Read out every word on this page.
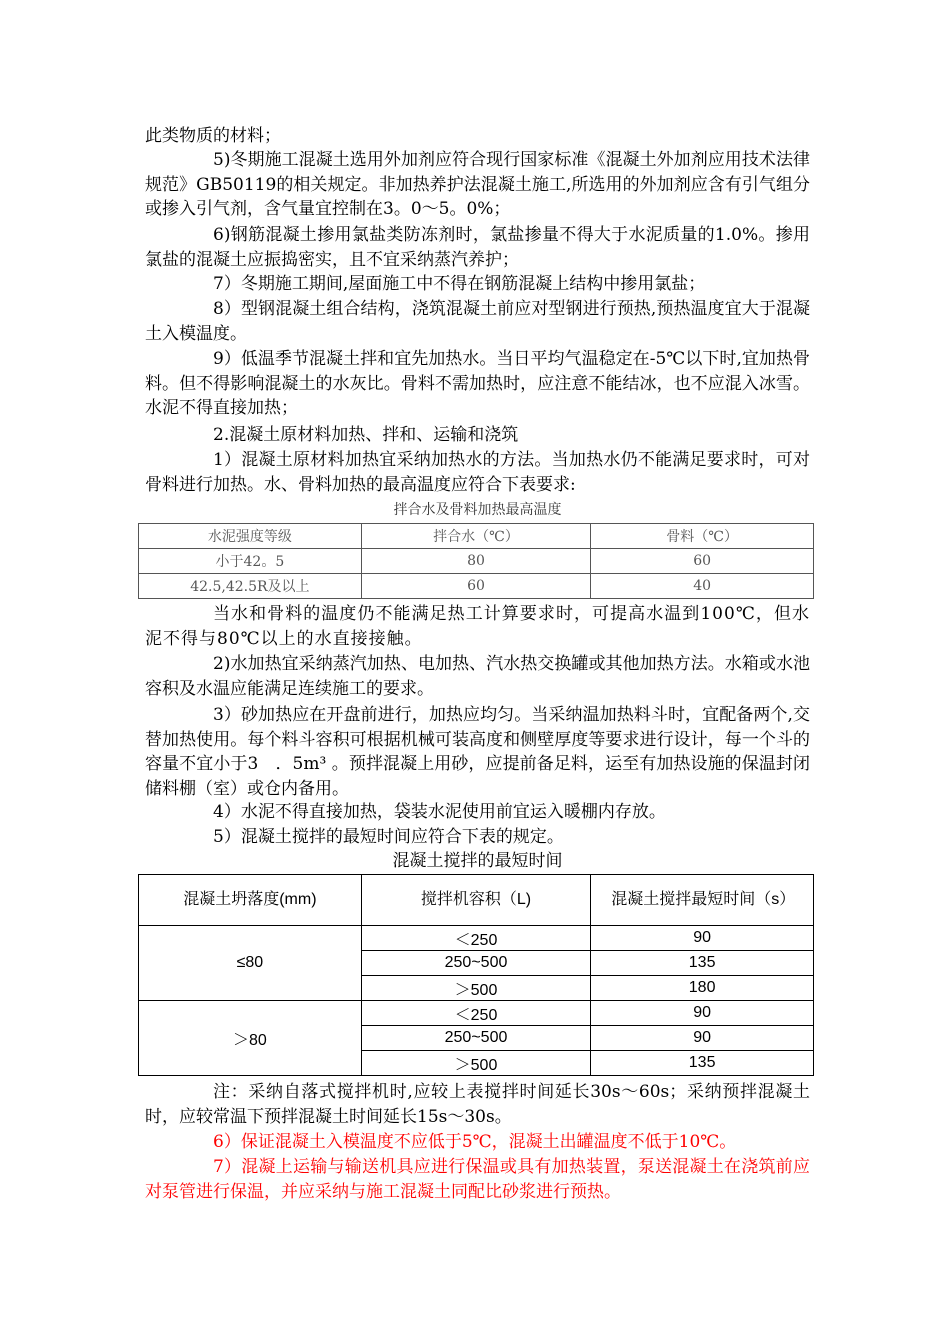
此类物质的材料；

5)冬期施工混凝土选用外加剂应符合现行国家标准《混凝土外加剂应用技术法律规范》GB50119的相关规定。非加热养护法混凝土施工,所选用的外加剂应含有引气组分或掺入引气剂，含气量宜控制在3。0～5。0%；

6)钢筋混凝土掺用氯盐类防冻剂时，氯盐掺量不得大于水泥质量的1.0%。掺用氯盐的混凝土应振捣密实，且不宜采纳蒸汽养护；

7）冬期施工期间,屋面施工中不得在钢筋混凝上结构中掺用氯盐；

8）型钢混凝土组合结构，浇筑混凝土前应对型钢进行预热,预热温度宜大于混凝土入模温度。

9）低温季节混凝土拌和宜先加热水。当日平均气温稳定在-5℃以下时,宜加热骨料。但不得影响混凝土的水灰比。骨料不需加热时，应注意不能结冰，也不应混入冰雪。水泥不得直接加热；

2.混凝土原材料加热、拌和、运输和浇筑

1）混凝土原材料加热宜采纳加热水的方法。当加热水仍不能满足要求时，可对骨料进行加热。水、骨料加热的最高温度应符合下表要求:

拌合水及骨料加热最高温度
水泥强度等级	拌合水（℃）	骨料（℃）
小于42。5	80	60
42.5,42.5R及以上	60	40

当水和骨料的温度仍不能满足热工计算要求时，可提高水温到100℃，但水泥不得与80℃以上的水直接接触。

2)水加热宜采纳蒸汽加热、电加热、汽水热交换罐或其他加热方法。水箱或水池容积及水温应能满足连续施工的要求。

3）砂加热应在开盘前进行，加热应均匀。当采纳温加热料斗时，宜配备两个,交替加热使用。每个料斗容积可根据机械可装高度和侧壁厚度等要求进行设计，每一个斗的容量不宜小于3　．5m³ 。预拌混凝上用砂，应提前备足料，运至有加热设施的保温封闭储料棚（室）或仓内备用。

4）水泥不得直接加热，袋装水泥使用前宜运入暖棚内存放。

5）混凝土搅拌的最短时间应符合下表的规定。

混凝土搅拌的最短时间
混凝土坍落度(mm)	搅拌机容积（L)	混凝土搅拌最短时间（s）
≤80	＜250	90
	250~500	135
	＞500	180
＞80	＜250	90
	250~500	90
	＞500	135

注：采纳自落式搅拌机时,应较上表搅拌时间延长30s～60s；采纳预拌混凝土时，应较常温下预拌混凝土时间延长15s～30s。

6）保证混凝土入模温度不应低于5℃，混凝土出罐温度不低于10℃。

7）混凝上运输与输送机具应进行保温或具有加热装置，泵送混凝土在浇筑前应对泵管进行保温，并应采纳与施工混凝土同配比砂浆进行预热。
